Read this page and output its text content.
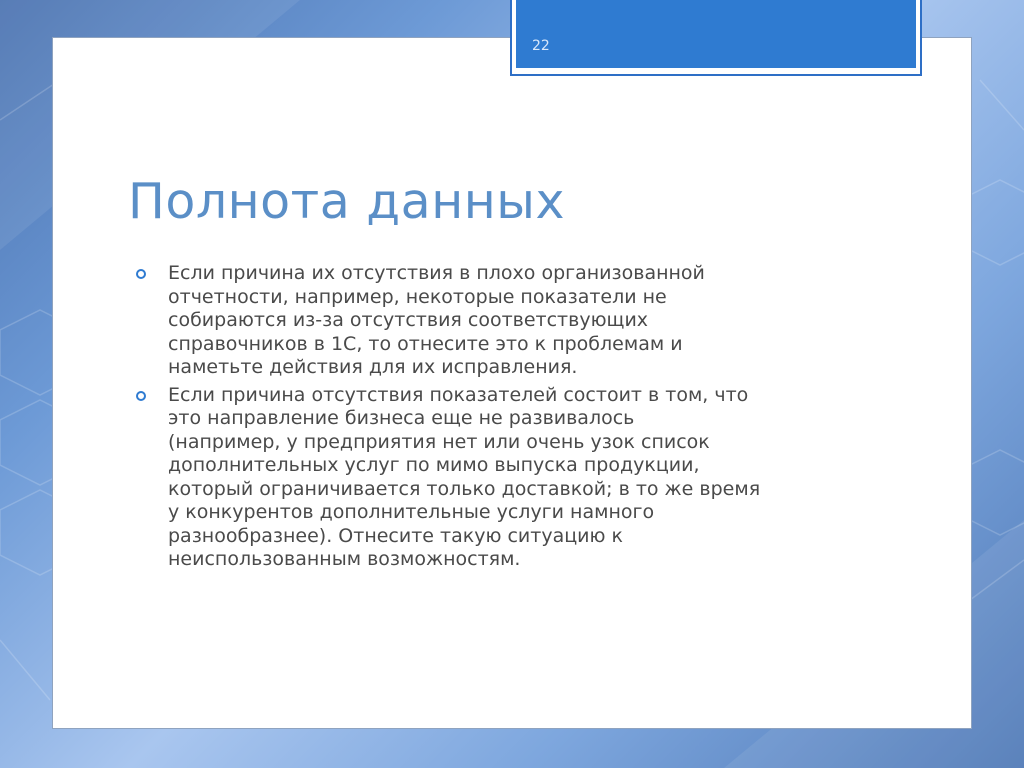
22
Полнота данных
Если причина их отсутствия в плохо организованной
отчетности, например, некоторые показатели не
собираются из-за отсутствия соответствующих
справочников в 1С, то отнесите это к проблемам и
наметьте действия для их исправления.
Если причина отсутствия показателей состоит в том, что
это направление бизнеса еще не развивалось
(например, у предприятия нет или очень узок список
дополнительных услуг по мимо выпуска продукции,
который ограничивается только доставкой; в то же время
у конкурентов дополнительные услуги намного
разнообразнее). Отнесите такую ситуацию к
неиспользованным возможностям.
